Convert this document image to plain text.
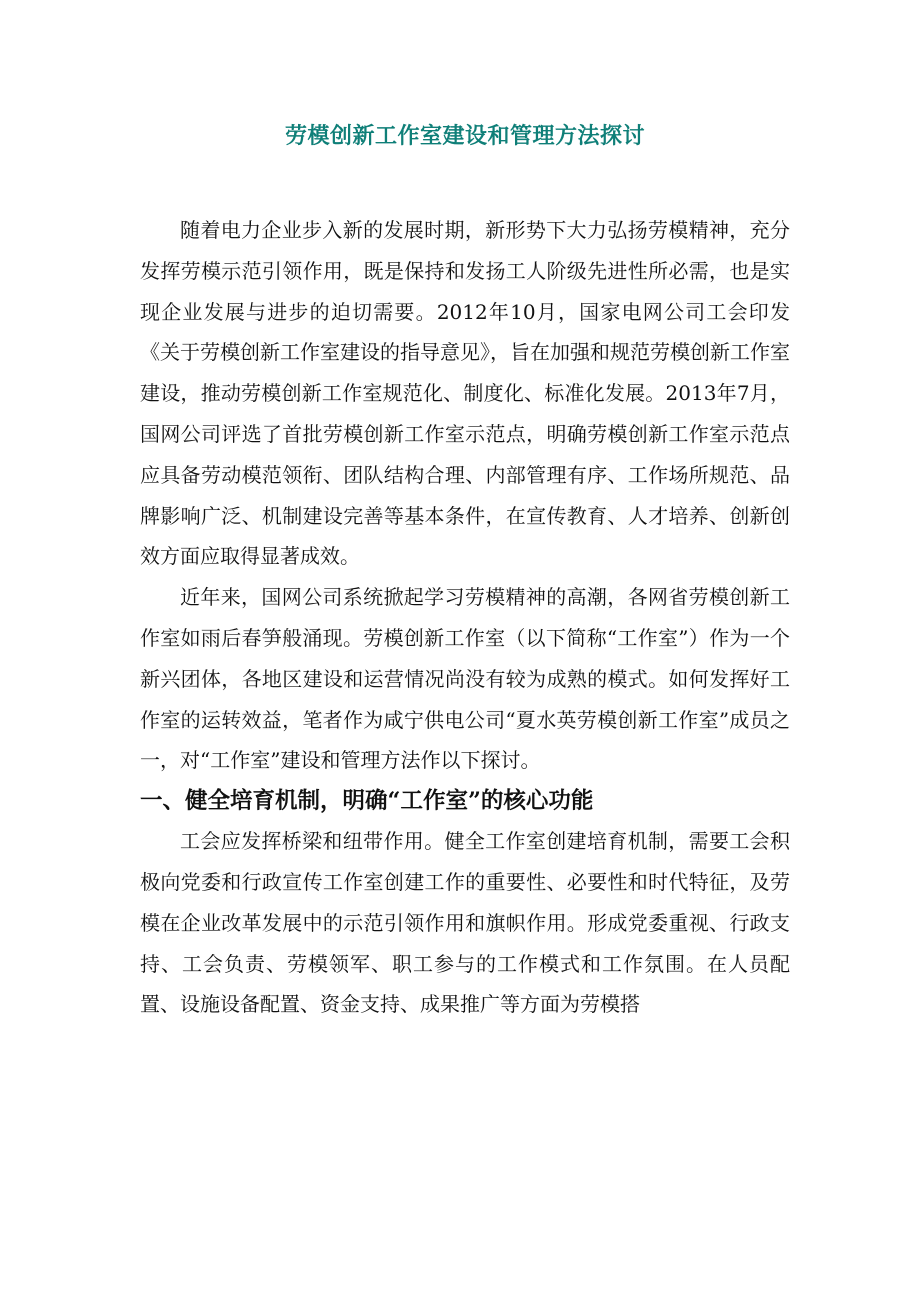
劳模创新工作室建设和管理方法探讨

随着电力企业步入新的发展时期，新形势下大力弘扬劳模精神，充分发挥劳模示范引领作用，既是保持和发扬工人阶级先进性所必需，也是实现企业发展与进步的迫切需要。2012年10月，国家电网公司工会印发《关于劳模创新工作室建设的指导意见》，旨在加强和规范劳模创新工作室建设，推动劳模创新工作室规范化、制度化、标准化发展。2013年7月，国网公司评选了首批劳模创新工作室示范点，明确劳模创新工作室示范点应具备劳动模范领衔、团队结构合理、内部管理有序、工作场所规范、品牌影响广泛、机制建设完善等基本条件，在宣传教育、人才培养、创新创效方面应取得显著成效。

近年来，国网公司系统掀起学习劳模精神的高潮，各网省劳模创新工作室如雨后春笋般涌现。劳模创新工作室（以下简称“工作室”）作为一个新兴团体，各地区建设和运营情况尚没有较为成熟的模式。如何发挥好工作室的运转效益，笔者作为咸宁供电公司“夏水英劳模创新工作室”成员之一，对“工作室”建设和管理方法作以下探讨。

一、健全培育机制，明确“工作室”的核心功能

工会应发挥桥梁和纽带作用。健全工作室创建培育机制，需要工会积极向党委和行政宣传工作室创建工作的重要性、必要性和时代特征，及劳模在企业改革发展中的示范引领作用和旗帜作用。形成党委重视、行政支持、工会负责、劳模领军、职工参与的工作模式和工作氛围。在人员配置、设施设备配置、资金支持、成果推广等方面为劳模搭
